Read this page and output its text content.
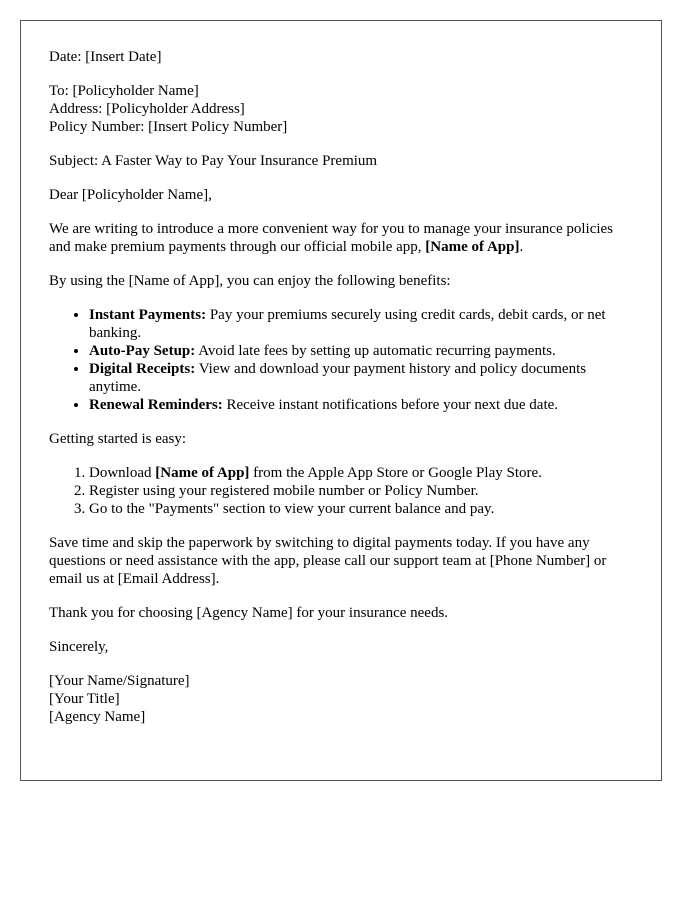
Date: [Insert Date]

To: [Policyholder Name]
Address: [Policyholder Address]
Policy Number: [Insert Policy Number]

Subject: A Faster Way to Pay Your Insurance Premium

Dear [Policyholder Name],

We are writing to introduce a more convenient way for you to manage your insurance policies and make premium payments through our official mobile app, [Name of App].

By using the [Name of App], you can enjoy the following benefits:

• Instant Payments: Pay your premiums securely using credit cards, debit cards, or net banking.
• Auto-Pay Setup: Avoid late fees by setting up automatic recurring payments.
• Digital Receipts: View and download your payment history and policy documents anytime.
• Renewal Reminders: Receive instant notifications before your next due date.

Getting started is easy:

1. Download [Name of App] from the Apple App Store or Google Play Store.
2. Register using your registered mobile number or Policy Number.
3. Go to the "Payments" section to view your current balance and pay.

Save time and skip the paperwork by switching to digital payments today. If you have any questions or need assistance with the app, please call our support team at [Phone Number] or email us at [Email Address].

Thank you for choosing [Agency Name] for your insurance needs.

Sincerely,

[Your Name/Signature]
[Your Title]
[Agency Name]
